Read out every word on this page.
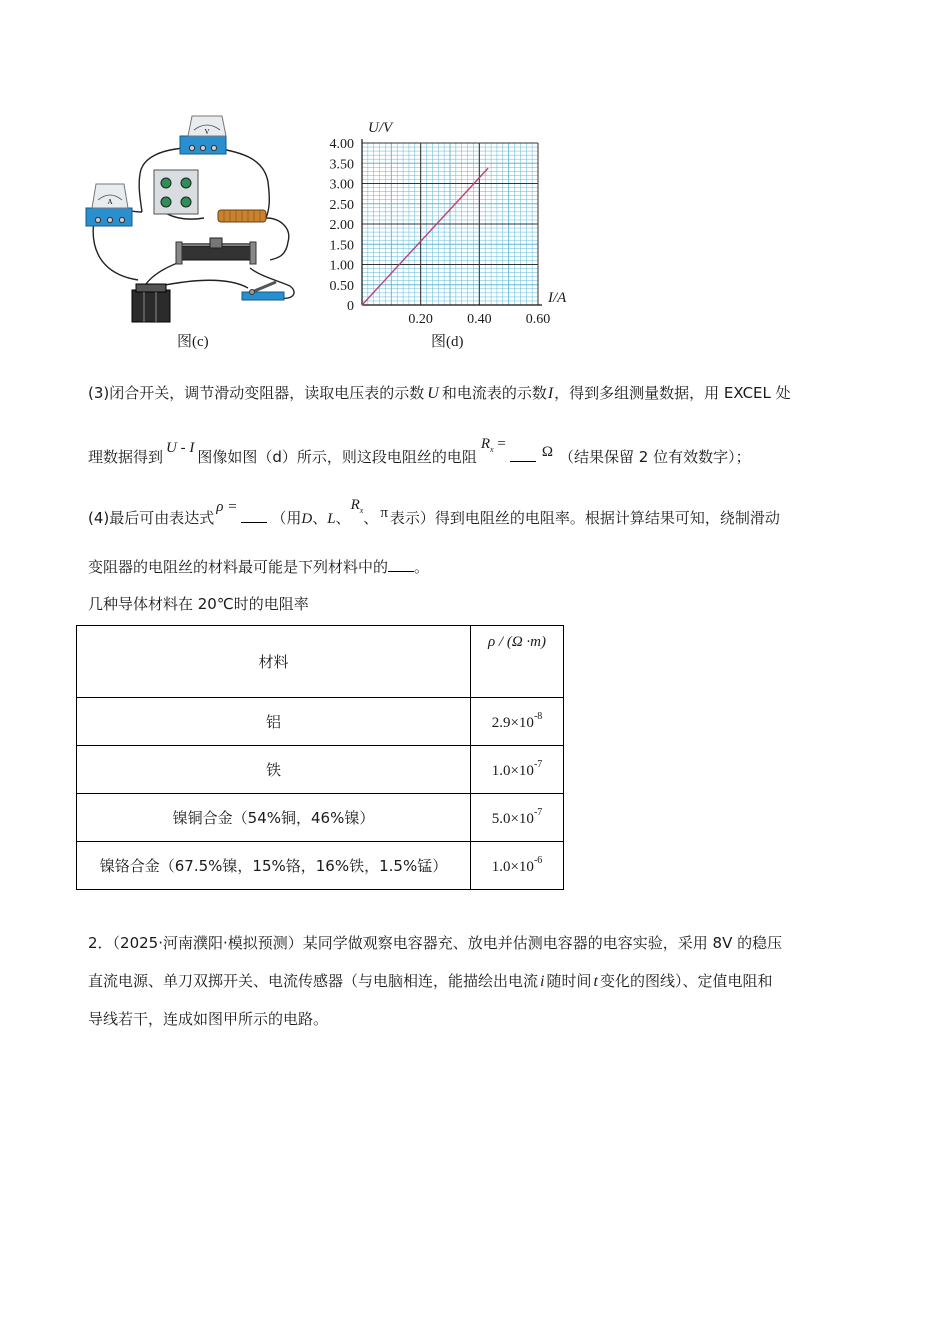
V
A
图(c)
4.00
3.50
3.00
2.50
2.00
1.50
1.00
0.50
0
0.20 0.40 0.60
U/V
I/A
图(d)
(3)闭合开关，调节滑动变阻器，读取电压表的示数 U 和电流表的示数I，得到多组测量数据，用 EXCEL 处
理数据得到 U - I 图像如图（d）所示，则这段电阻丝的电阻$R_x = \Omega$ （结果保留 2 位有效数字）；
(4)最后可由表达式ρ =（用D、L、$R_x$、 π 表示）得到电阻丝的电阻率。根据计算结果可知，绕制滑动
变阻器的电阻丝的材料最可能是下列材料中的 。
几种导体材料在 20℃时的电阻率
材料	ρ / (Ω ·m)
铝	$2.9\times 10^{-8}$
铁	$1.0\times 10^{-7}$
镍铜合金（54%铜，46%镍）	$5.0\times 10^{-7}$
镍铬合金（67.5%镍，15%铬，16%铁，1.5%锰）	$1.0\times 10^{-6}$
2．（2025·河南濮阳·模拟预测）某同学做观察电容器充、放电并估测电容器的电容实验，采用 8V 的稳压
直流电源、单刀双掷开关、电流传感器（与电脑相连，能描绘出电流 i 随时间 t 变化的图线）、定值电阻和
导线若干，连成如图甲所示的电路。
